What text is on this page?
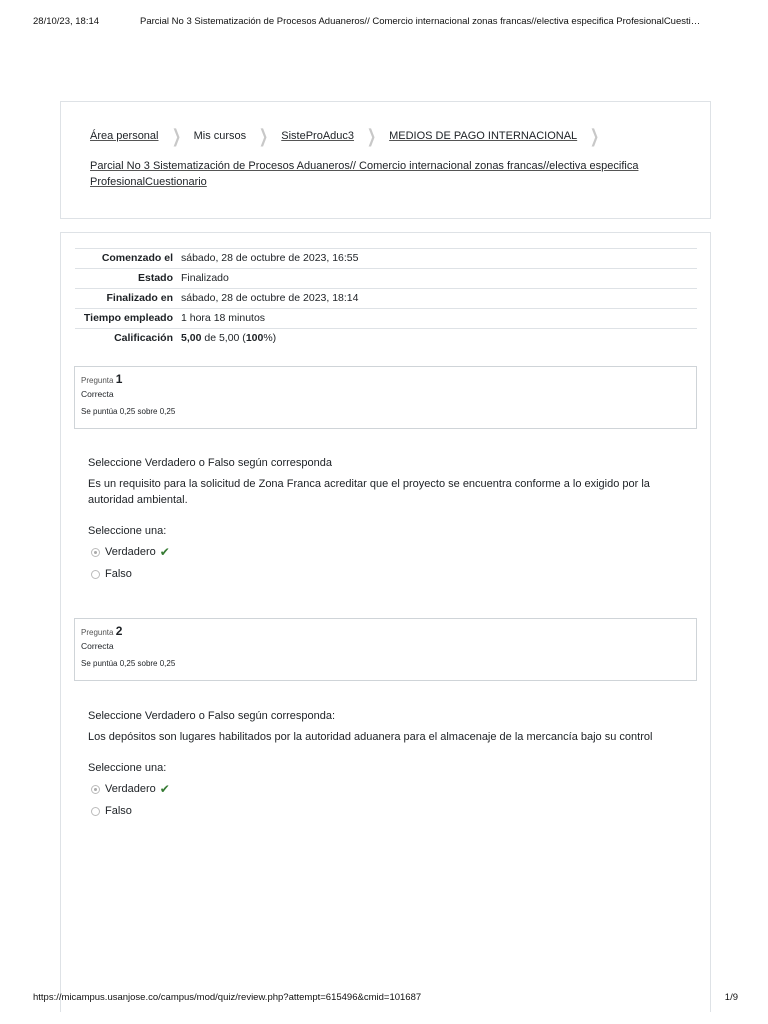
28/10/23, 18:14	Parcial No 3 Sistematización de Procesos Aduaneros// Comercio internacional zonas francas//electiva especifica ProfesionalCuesti…
Área personal ❯ Mis cursos ❯ SisteProAduc3 ❯ MEDIOS DE PAGO INTERNACIONAL ❯
Parcial No 3 Sistematización de Procesos Aduaneros// Comercio internacional zonas francas//electiva especifica ProfesionalCuestionario
Comenzado el	sábado, 28 de octubre de 2023, 16:55
Estado	Finalizado
Finalizado en	sábado, 28 de octubre de 2023, 18:14
Tiempo empleado	1 hora 18 minutos
Calificación	5,00 de 5,00 (100%)
Pregunta 1
Correcta
Se puntúa 0,25 sobre 0,25
Seleccione Verdadero o Falso según corresponda
Es un requisito para la solicitud de Zona Franca acreditar que el proyecto se encuentra conforme a lo exigido por la autoridad ambiental.
Seleccione una:
Verdadero ✔
Falso
Pregunta 2
Correcta
Se puntúa 0,25 sobre 0,25
Seleccione Verdadero o Falso según corresponda:
Los depósitos son lugares habilitados por la autoridad aduanera para el almacenaje de la mercancía bajo su control
Seleccione una:
Verdadero ✔
Falso
https://micampus.usanjose.co/campus/mod/quiz/review.php?attempt=615496&cmid=101687	1/9
